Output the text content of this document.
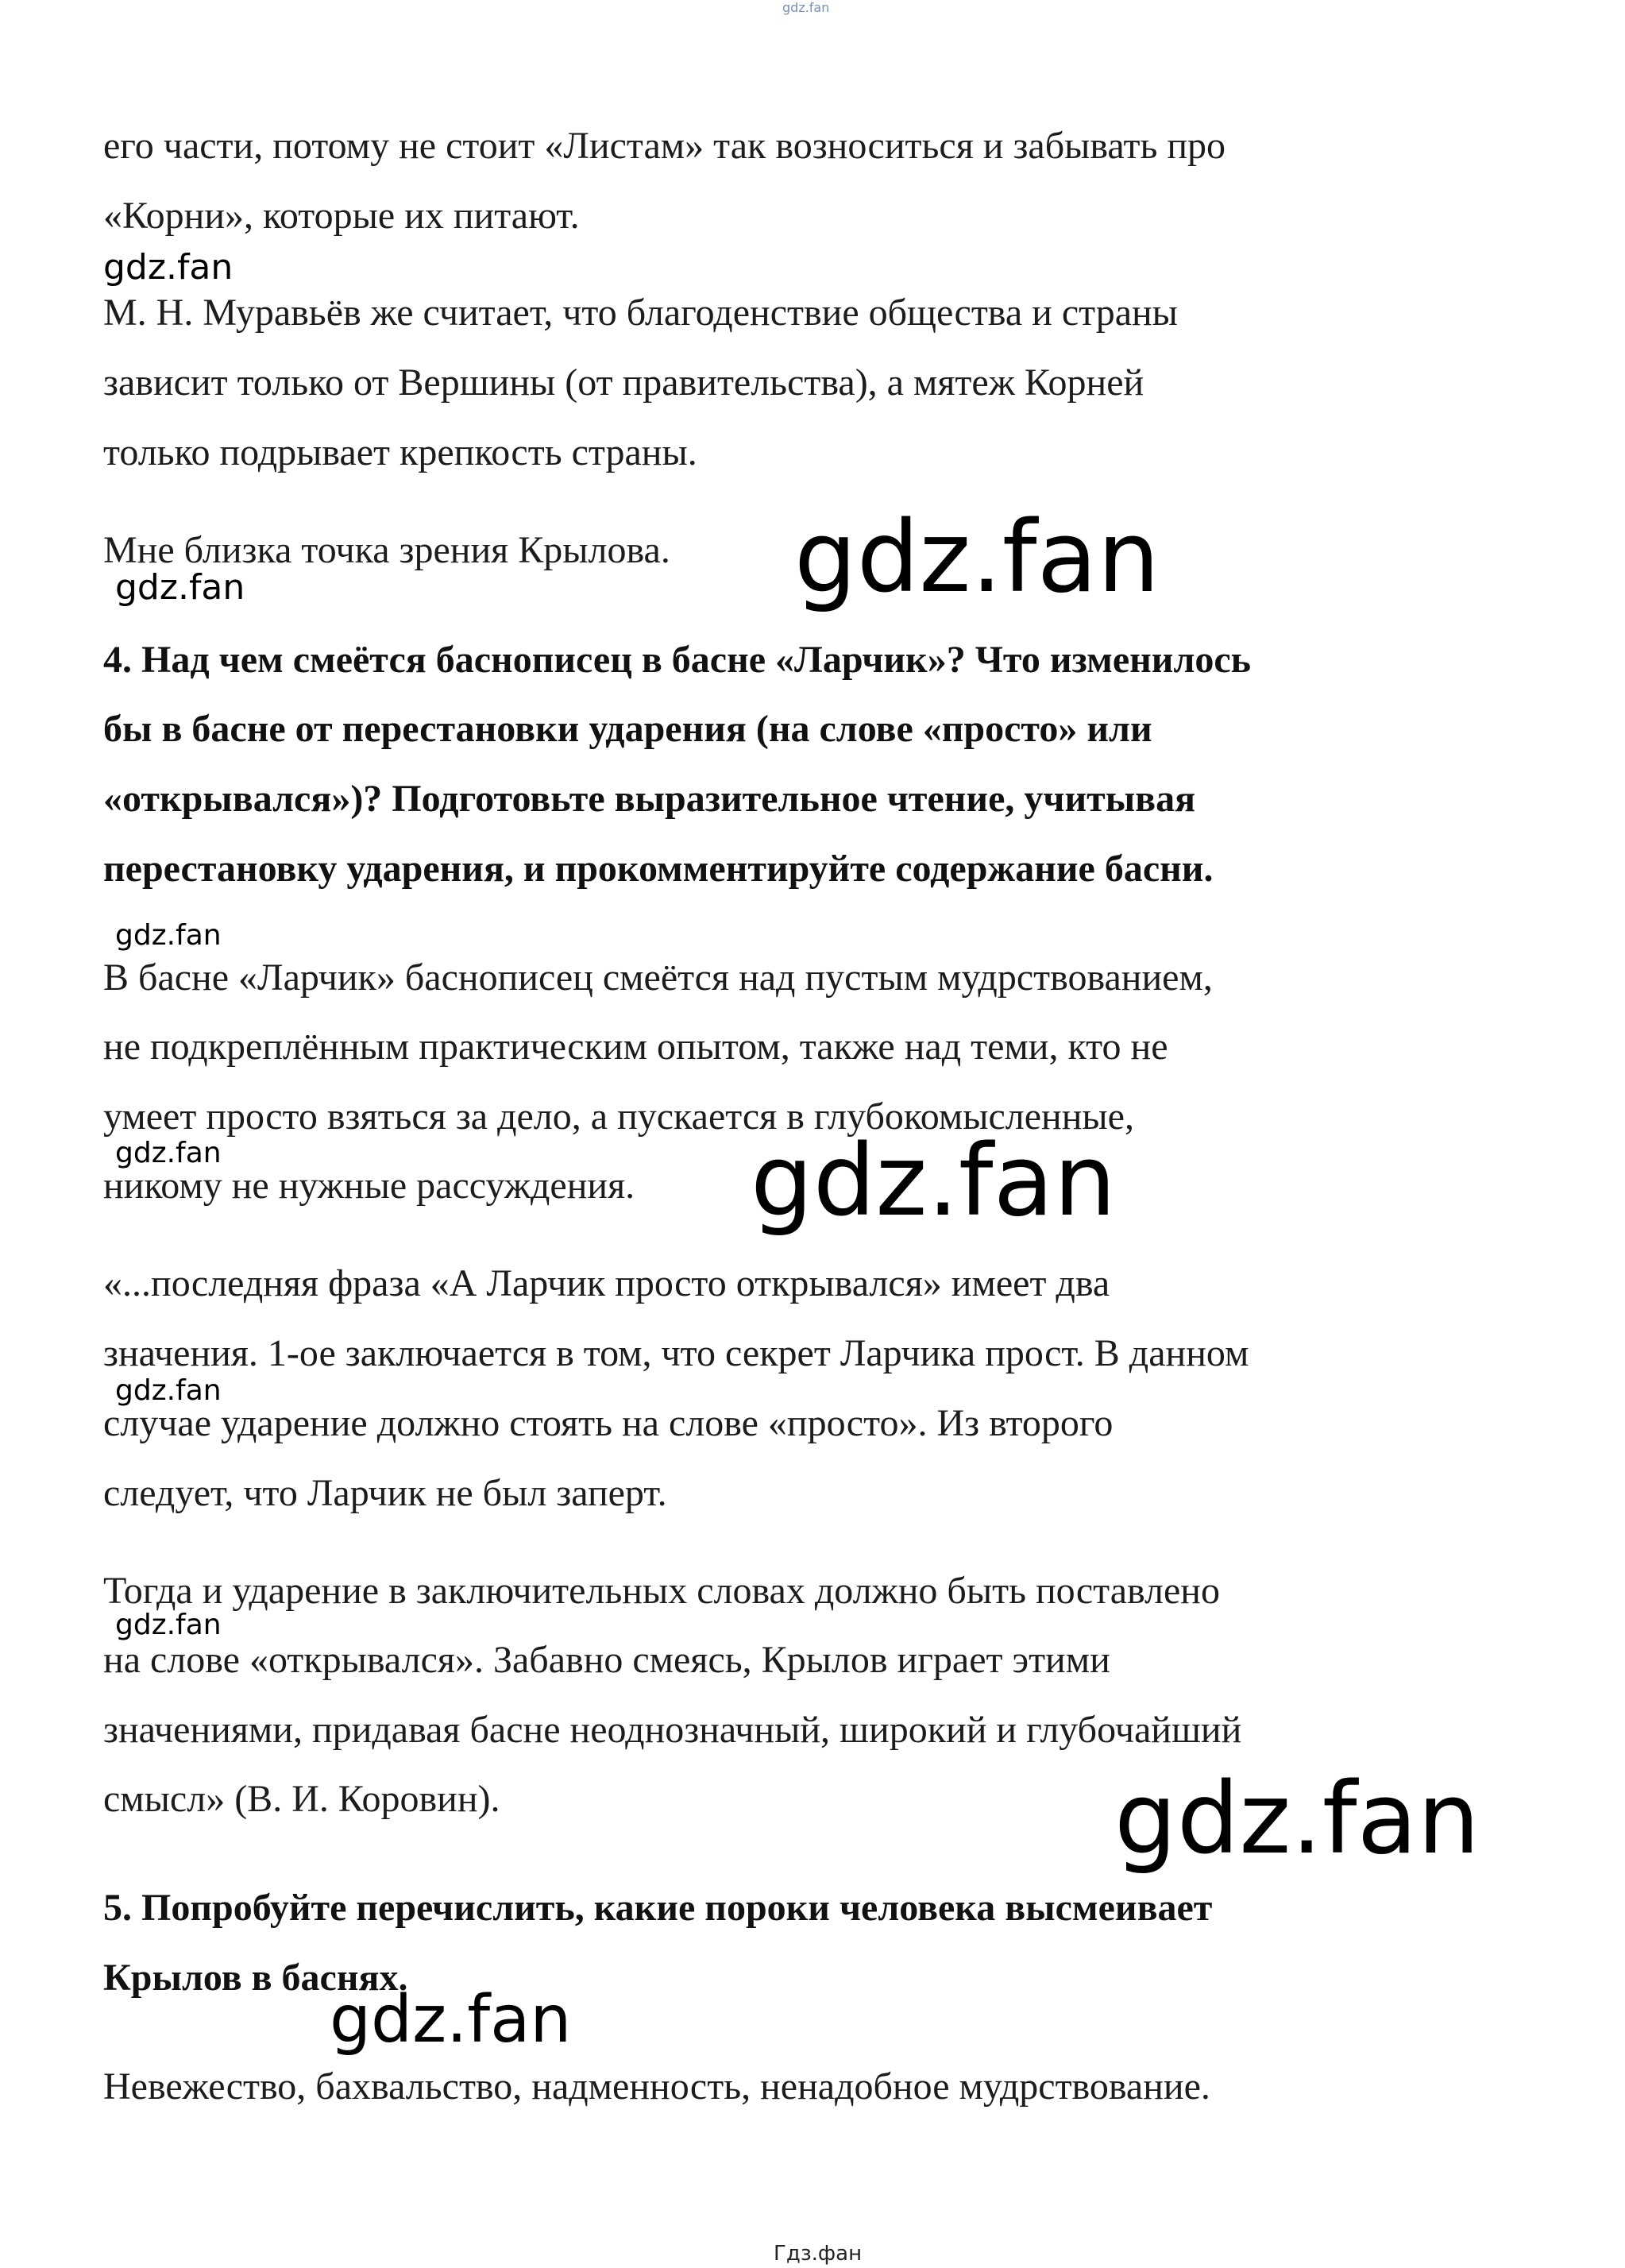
gdz.fan
его части, потому не стоит «Листам» так возноситься и забывать про
«Корни», которые их питают.
М. Н. Муравьёв же считает, что благоденствие общества и страны
зависит только от Вершины (от правительства), а мятеж Корней
только подрывает крепкость страны.
Мне близка точка зрения Крылова.
4. Над чем смеётся баснописец в басне «Ларчик»? Что изменилось
бы в басне от перестановки ударения (на слове «просто» или
«открывался»)? Подготовьте выразительное чтение, учитывая
перестановку ударения, и прокомментируйте содержание басни.
В басне «Ларчик» баснописец смеётся над пустым мудрствованием,
не подкреплённым практическим опытом, также над теми, кто не
умеет просто взяться за дело, а пускается в глубокомысленные,
никому не нужные рассуждения.
«...последняя фраза «А Ларчик просто открывался» имеет два
значения. 1-ое заключается в том, что секрет Ларчика прост. В данном
случае ударение должно стоять на слове «просто». Из второго
следует, что Ларчик не был заперт.
Тогда и ударение в заключительных словах должно быть поставлено
на слове «открывался». Забавно смеясь, Крылов играет этими
значениями, придавая басне неоднозначный, широкий и глубочайший
смысл» (В. И. Коровин).
5. Попробуйте перечислить, какие пороки человека высмеивает
Крылов в баснях.
Невежество, бахвальство, надменность, ненадобное мудрствование.
gdz.fan
gdz.fan
gdz.fan
gdz.fan
gdz.fan	gdz.fan
gdz.fan
gdz.fan
gdz.fan
gdz.fan
Гдз.фан
